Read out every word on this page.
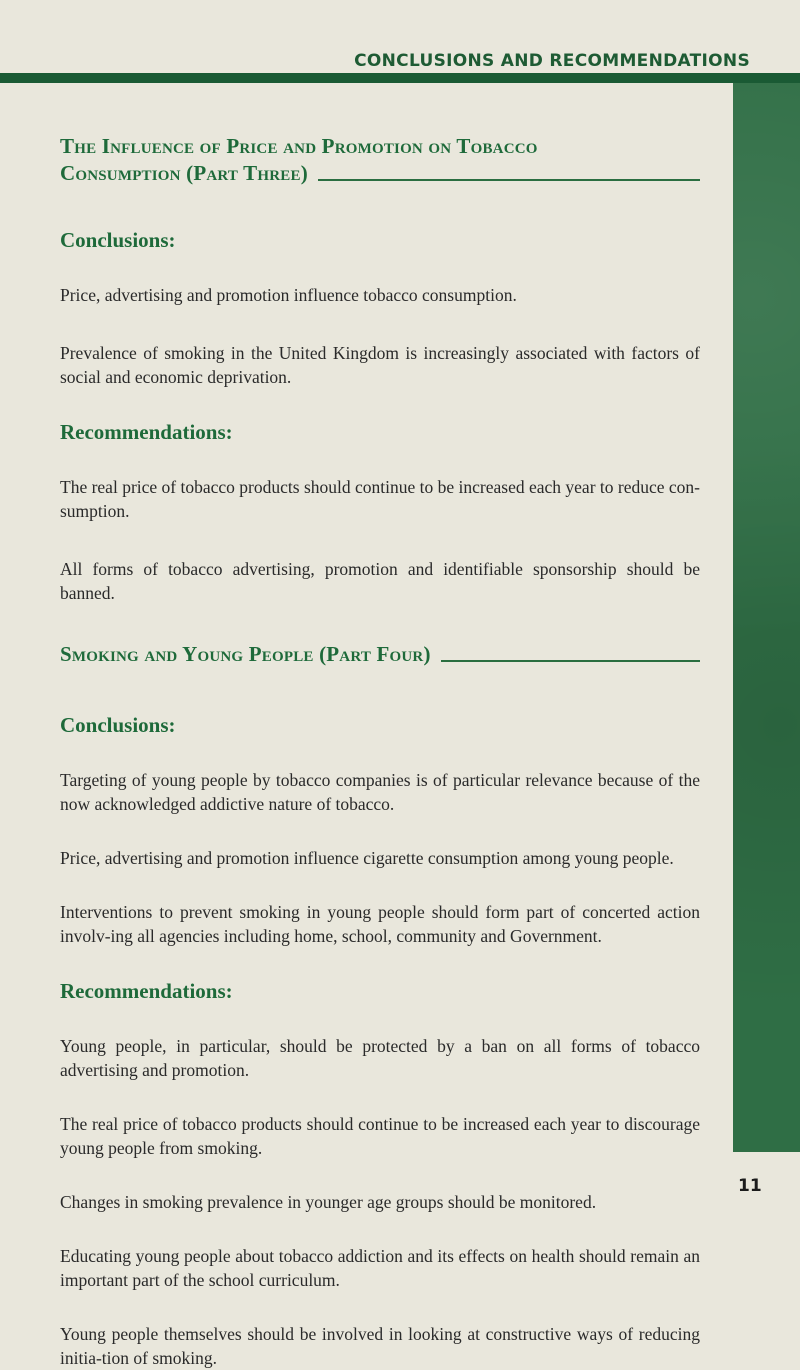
CONCLUSIONS AND RECOMMENDATIONS
11
The Influence of Price and Promotion on Tobacco
Consumption (Part Three)
Conclusions:

Price, advertising and promotion influence tobacco consumption.

Prevalence of smoking in the United Kingdom is increasingly associated with factors of social and economic deprivation.

Recommendations:

The real price of tobacco products should continue to be increased each year to reduce con-sumption.

All forms of tobacco advertising, promotion and identifiable sponsorship should be banned.

Smoking and Young People (Part Four)
Conclusions:

Targeting of young people by tobacco companies is of particular relevance because of the now acknowledged addictive nature of tobacco.

Price, advertising and promotion influence cigarette consumption among young people.

Interventions to prevent smoking in young people should form part of concerted action involv-ing all agencies including home, school, community and Government.

Recommendations:

Young people, in particular, should be protected by a ban on all forms of tobacco advertising and promotion.

The real price of tobacco products should continue to be increased each year to discourage young people from smoking.

Changes in smoking prevalence in younger age groups should be monitored.

Educating young people about tobacco addiction and its effects on health should remain an important part of the school curriculum.

Young people themselves should be involved in looking at constructive ways of reducing initia-tion of smoking.
